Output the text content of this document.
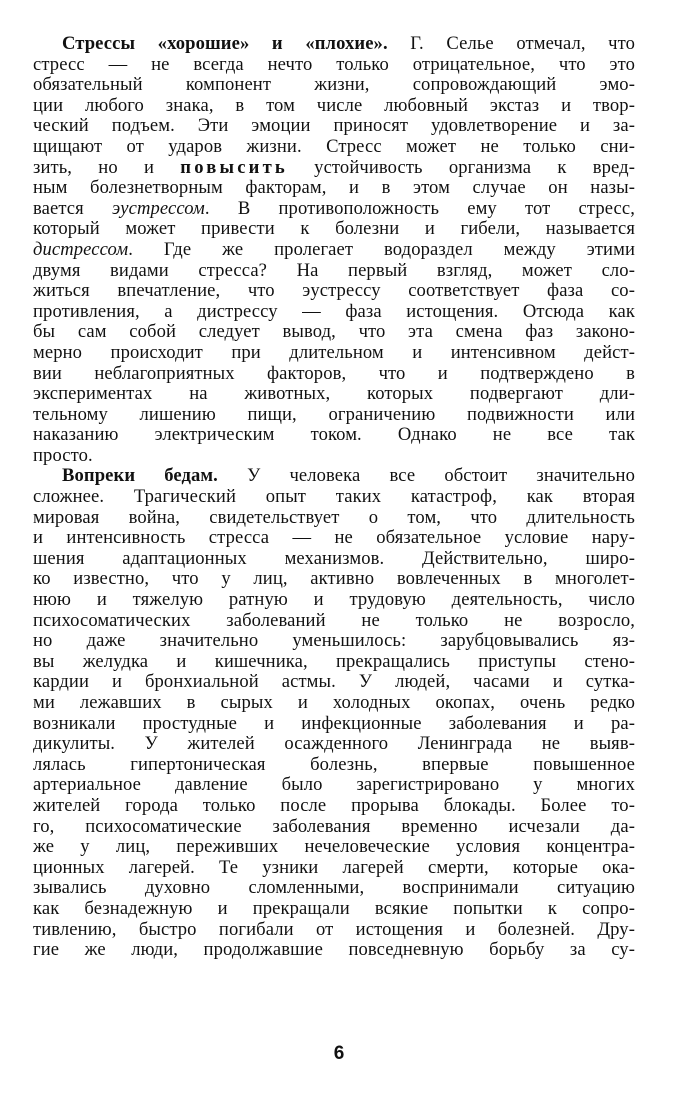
Стрессы «хорошие» и «плохие». Г. Селье отмечал, что
стресс — не всегда нечто только отрицательное, что это
обязательный компонент жизни, сопровождающий эмо-
ции любого знака, в том числе любовный экстаз и твор-
ческий подъем. Эти эмоции приносят удовлетворение и за-
щищают от ударов жизни. Стресс может не только сни-
зить, но и повысить устойчивость организма к вред-
ным болезнетворным факторам, и в этом случае он назы-
вается эустрессом. В противоположность ему тот стресс,
который может привести к болезни и гибели, называется
дистрессом. Где же пролегает водораздел между этими
двумя видами стресса? На первый взгляд, может сло-
житься впечатление, что эустрессу соответствует фаза со-
противления, а дистрессу — фаза истощения. Отсюда как
бы сам собой следует вывод, что эта смена фаз законо-
мерно происходит при длительном и интенсивном дейст-
вии неблагоприятных факторов, что и подтверждено в
экспериментах на животных, которых подвергают дли-
тельному лишению пищи, ограничению подвижности или
наказанию электрическим током. Однако не все так
просто.
Вопреки бедам. У человека все обстоит значительно
сложнее. Трагический опыт таких катастроф, как вторая
мировая война, свидетельствует о том, что длительность
и интенсивность стресса — не обязательное условие нару-
шения адаптационных механизмов. Действительно, широ-
ко известно, что у лиц, активно вовлеченных в многолет-
нюю и тяжелую ратную и трудовую деятельность, число
психосоматических заболеваний не только не возросло,
но даже значительно уменьшилось: зарубцовывались яз-
вы желудка и кишечника, прекращались приступы стено-
кардии и бронхиальной астмы. У людей, часами и сутка-
ми лежавших в сырых и холодных окопах, очень редко
возникали простудные и инфекционные заболевания и ра-
дикулиты. У жителей осажденного Ленинграда не выяв-
лялась гипертоническая болезнь, впервые повышенное
артериальное давление было зарегистрировано у многих
жителей города только после прорыва блокады. Более то-
го, психосоматические заболевания временно исчезали да-
же у лиц, переживших нечеловеческие условия концентра-
ционных лагерей. Те узники лагерей смерти, которые ока-
зывались духовно сломленными, воспринимали ситуацию
как безнадежную и прекращали всякие попытки к сопро-
тивлению, быстро погибали от истощения и болезней. Дру-
гие же люди, продолжавшие повседневную борьбу за су-
6
